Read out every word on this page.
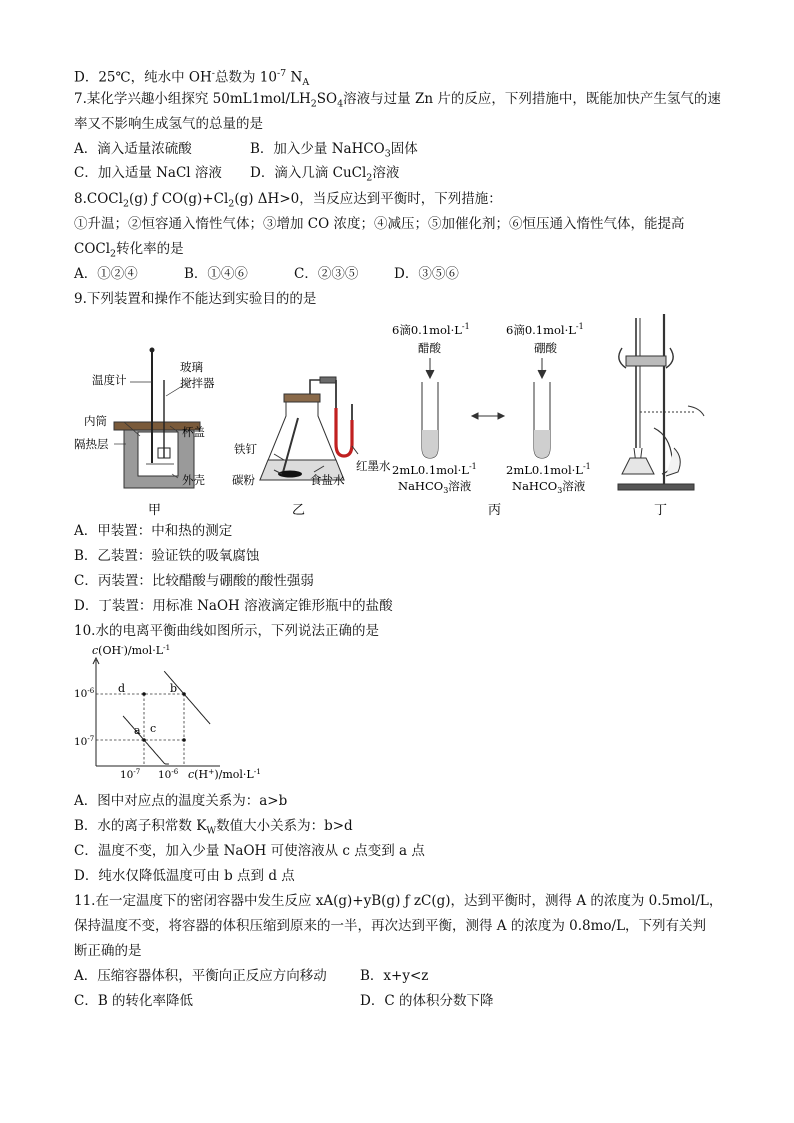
D．25℃，纯水中 OH-总数为 $10^{-7}$ $N_A$
7.某化学兴趣小组探究 $50mL1mol/LH_2SO_4$溶液与过量 Zn 片的反应，下列措施中，既能加快产生氢气的速
率又不影响生成氢气的总量的是
A．滴入适量浓硫酸	B．加入少量 NaHCO$_3$固体
C．加入适量 NaCl 溶液 D．滴入几滴 CuCl$_2$溶液
8.COCl$_2$(g) ƒ $CO(g)+Cl_2(g)$ ΔH>0，当反应达到平衡时，下列措施：
①升温；②恒容通入惰性气体；③增加 CO 浓度；④减压；⑤加催化剂；⑥恒压通入惰性气体，能提高
COCl$_2$转化率的是
A．①②④	B．①④⑥	C．②③⑤	D．③⑤⑥
9.下列装置和操作不能达到实验目的的是
温度计
玻璃
搅拌器
内筒
杯盖
隔热层
外壳
甲
铁钉
碳粉
红墨水
食盐水
乙
6滴$0.1mol\cdot L^{-1}$
醋酸
6滴$0.1mol\cdot L^{-1}$
硼酸
$2mL0.1mol\cdot L^{-1}$
NaHCO$_3$溶液
$2mL0.1mol\cdot L^{-1}$
NaHCO$_3$溶液
丙	丁
A．甲装置：中和热的测定
B．乙装置：验证铁的吸氧腐蚀
C．丙装置：比较醋酸与硼酸的酸性强弱
D．丁装置：用标准 NaOH 溶液滴定锥形瓶中的盐酸
10.水的电离平衡曲线如图所示，下列说法正确的是
$c(OH^-)/mol\cdot L^{-1}$
$10^{-6}$
$10^{-7}$
$10^{-7}$ $10^{-6}$ $c(H^+)/mol\cdot L^{-1}$
d	b
a c
A．图中对应点的温度关系为：a>b
B．水的离子积常数 $K_W$数值大小关系为：b>d
C．温度不变，加入少量 NaOH 可使溶液从 c 点变到 a 点
D．纯水仅降低温度可由 b 点到 d 点
11.在一定温度下的密闭容器中发生反应 xA(g)+yB(g) ƒ zC(g)，达到平衡时，测得 A 的浓度为 0.5mol/L，
保持温度不变，将容器的体积压缩到原来的一半，再次达到平衡，测得 A 的浓度为 0.8mo/L，下列有关判
断正确的是
A．压缩容器体积，平衡向正反应方向移动 B．x+y<z
C．B 的转化率降低	D．C 的体积分数下降
